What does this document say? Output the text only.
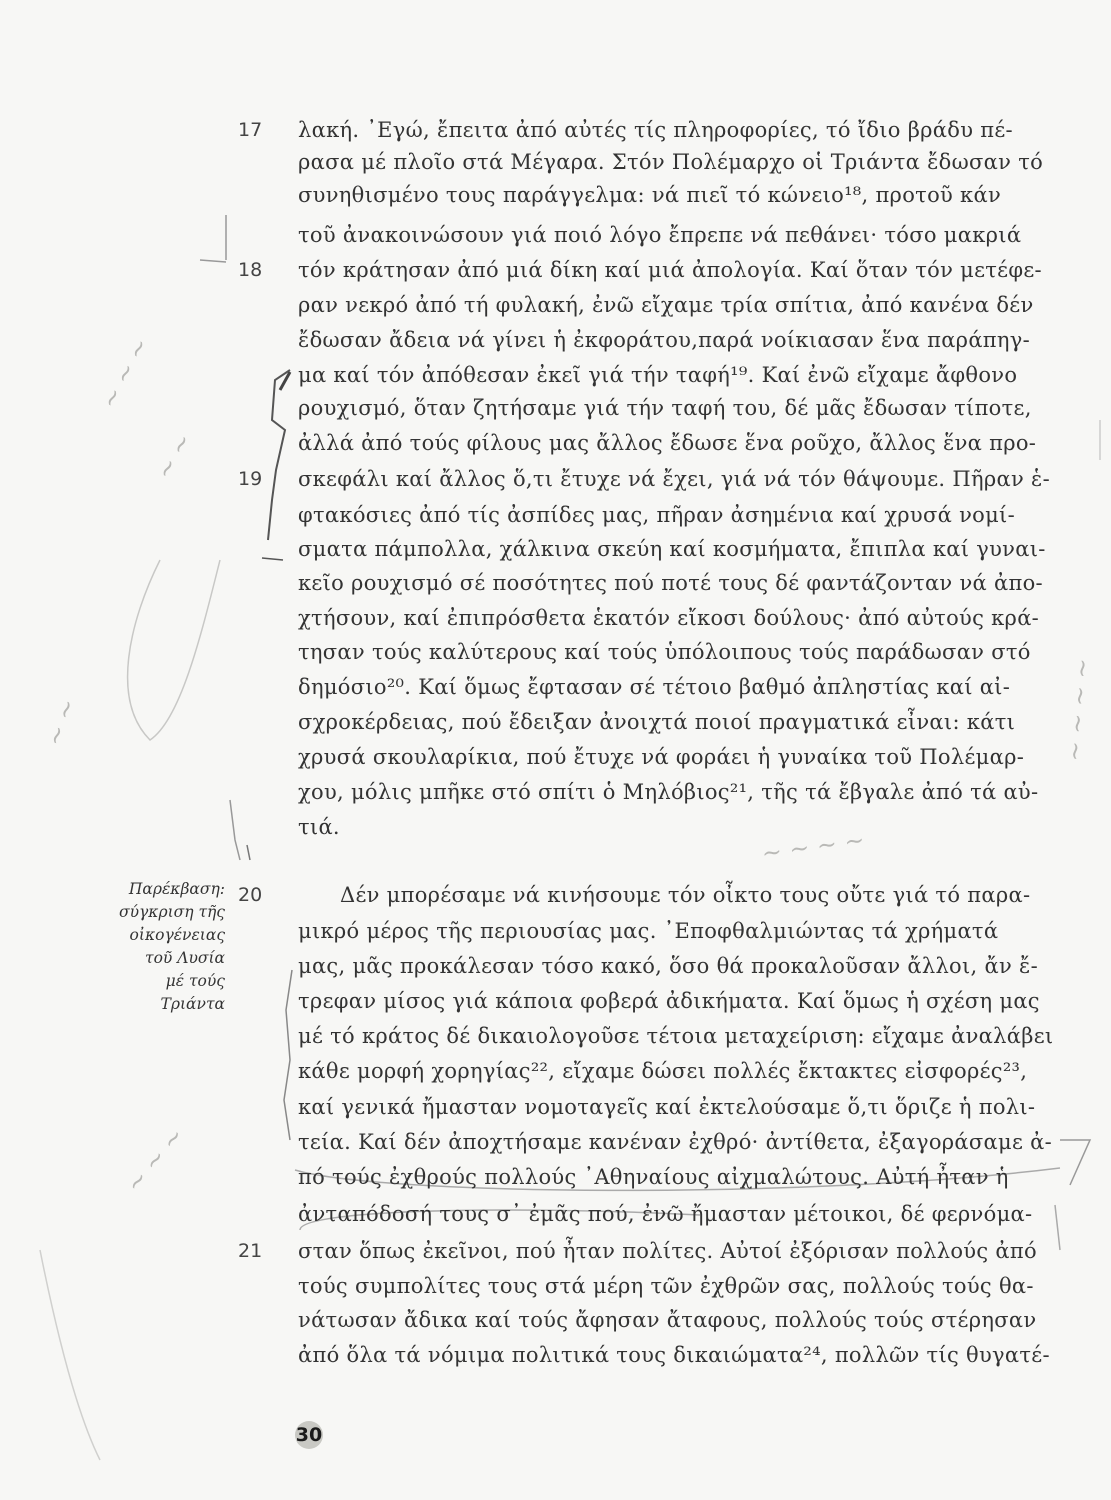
~ ~ ~
~ ~
~ ~
~ ~ ~ ~
~ ~ ~
~ ~ ~ ~
17
18
19
20
21
Παρέκβαση:
σύγκριση τῆς
οἰκογένειας
τοῦ Λυσία
μέ τούς
Τριάντα
λακή. ᾿Εγώ, ἔπειτα ἀπό αὐτές τίς πληροφορίες, τό ἴδιο βράδυ πέ-
ρασα μέ πλοῖο στά Μέγαρα. Στόν Πολέμαρχο οἱ Τριάντα ἔδωσαν τό
συνηθισμένο τους παράγγελμα: νά πιεῖ τό κώνειο¹⁸, προτοῦ κάν
τοῦ ἀνακοινώσουν γιά ποιό λόγο ἔπρεπε νά πεθάνει· τόσο μακριά
τόν κράτησαν ἀπό μιά δίκη καί μιά ἀπολογία. Καί ὅταν τόν μετέφε-
ραν νεκρό ἀπό τή φυλακή, ἐνῶ εἴχαμε τρία σπίτια, ἀπό κανένα δέν
ἔδωσαν ἄδεια νά γίνει ἡ ἐκφοράτου,παρά νοίκιασαν ἕνα παράπηγ-
μα καί τόν ἀπόθεσαν ἐκεῖ γιά τήν ταφή¹⁹. Καί ἐνῶ εἴχαμε ἄφθονο
ρουχισμό, ὅταν ζητήσαμε γιά τήν ταφή του, δέ μᾶς ἔδωσαν τίποτε,
ἀλλά ἀπό τούς φίλους μας ἄλλος ἔδωσε ἕνα ροῦχο, ἄλλος ἕνα προ-
σκεφάλι καί ἄλλος ὅ,τι ἔτυχε νά ἔχει, γιά νά τόν θάψουμε. Πῆραν ἑ-
φτακόσιες ἀπό τίς ἀσπίδες μας, πῆραν ἀσημένια καί χρυσά νομί-
σματα πάμπολλα, χάλκινα σκεύη καί κοσμήματα, ἔπιπλα καί γυναι-
κεῖο ρουχισμό σέ ποσότητες πού ποτέ τους δέ φαντάζονταν νά ἀπο-
χτήσουν, καί ἐπιπρόσθετα ἑκατόν εἴκοσι δούλους· ἀπό αὐτούς κρά-
τησαν τούς καλύτερους καί τούς ὑπόλοιπους τούς παράδωσαν στό
δημόσιο²⁰. Καί ὅμως ἔφτασαν σέ τέτοιο βαθμό ἀπληστίας καί αἰ-
σχροκέρδειας, πού ἔδειξαν ἀνοιχτά ποιοί πραγματικά εἶναι: κάτι
χρυσά σκουλαρίκια, πού ἔτυχε νά φοράει ἡ γυναίκα τοῦ Πολέμαρ-
χου, μόλις μπῆκε στό σπίτι ὁ Μηλόβιος²¹, τῆς τά ἔβγαλε ἀπό τά αὐ-
τιά.
Δέν μπορέσαμε νά κινήσουμε τόν οἶκτο τους οὔτε γιά τό παρα-
μικρό μέρος τῆς περιουσίας μας. ᾿Εποφθαλμιώντας τά χρήματά
μας, μᾶς προκάλεσαν τόσο κακό, ὅσο θά προκαλοῦσαν ἄλλοι, ἄν ἔ-
τρεφαν μίσος γιά κάποια φοβερά ἀδικήματα. Καί ὅμως ἡ σχέση μας
μέ τό κράτος δέ δικαιολογοῦσε τέτοια μεταχείριση: εἴχαμε ἀναλάβει
κάθε μορφή χορηγίας²², εἴχαμε δώσει πολλές ἔκτακτες εἰσφορές²³,
καί γενικά ἤμασταν νομοταγεῖς καί ἐκτελούσαμε ὅ,τι ὅριζε ἡ πολι-
τεία. Καί δέν ἀποχτήσαμε κανέναν ἐχθρό· ἀντίθετα, ἐξαγοράσαμε ἀ-
πό τούς ἐχθρούς πολλούς ᾿Αθηναίους αἰχμαλώτους. Αὐτή ἦταν ἡ
ἀνταπόδοσή τους σ᾽ ἐμᾶς πού, ἐνῶ ἤμασταν μέτοικοι, δέ φερνόμα-
σταν ὅπως ἐκεῖνοι, πού ἦταν πολίτες. Αὐτοί ἐξόρισαν πολλούς ἀπό
τούς συμπολίτες τους στά μέρη τῶν ἐχθρῶν σας, πολλούς τούς θα-
νάτωσαν ἄδικα καί τούς ἄφησαν ἄταφους, πολλούς τούς στέρησαν
ἀπό ὅλα τά νόμιμα πολιτικά τους δικαιώματα²⁴, πολλῶν τίς θυγατέ-
30
